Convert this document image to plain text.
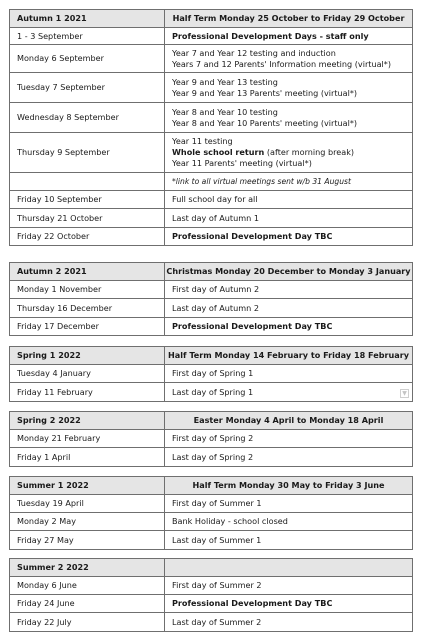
Autumn 1 2021	Half Term Monday 25 October to Friday 29 October
1 - 3 September	Professional Development Days - staff only
Monday 6 September	Year 7 and Year 12 testing and induction
Years 7 and 12 Parents' Information meeting (virtual*)

Tuesday 7 September	Year 9 and Year 13 testing
Year 9 and Year 13 Parents' meeting (virtual*)

Wednesday 8 September	Year 8 and Year 10 testing
Year 8 and Year 10 Parents' meeting (virtual*)

Thursday 9 September	Year 11 testing
Whole school return (after morning break)
Year 11 Parents' meeting (virtual*)

	*link to all virtual meetings sent w/b 31 August
Friday 10 September	Full school day for all
Thursday 21 October	Last day of Autumn 1
Friday 22 October	Professional Development Day TBC
Autumn 2 2021	Christmas Monday 20 December to Monday 3 January
Monday 1 November	First day of Autumn 2
Thursday 16 December	Last day of Autumn 2
Friday 17 December	Professional Development Day TBC
Spring 1 2022	Half Term Monday 14 February to Friday 18 February
Tuesday 4 January	First day of Spring 1
Friday 11 February	Last day of Spring 1 ▼
Spring 2 2022	Easter Monday 4 April to Monday 18 April
Monday 21 February	First day of Spring 2
Friday 1 April	Last day of Spring 2
Summer 1 2022	Half Term Monday 30 May to Friday 3 June
Tuesday 19 April	First day of Summer 1
Monday 2 May	Bank Holiday - school closed
Friday 27 May	Last day of Summer 1
Summer 2 2022	
Monday 6 June	First day of Summer 2
Friday 24 June	Professional Development Day TBC
Friday 22 July	Last day of Summer 2
